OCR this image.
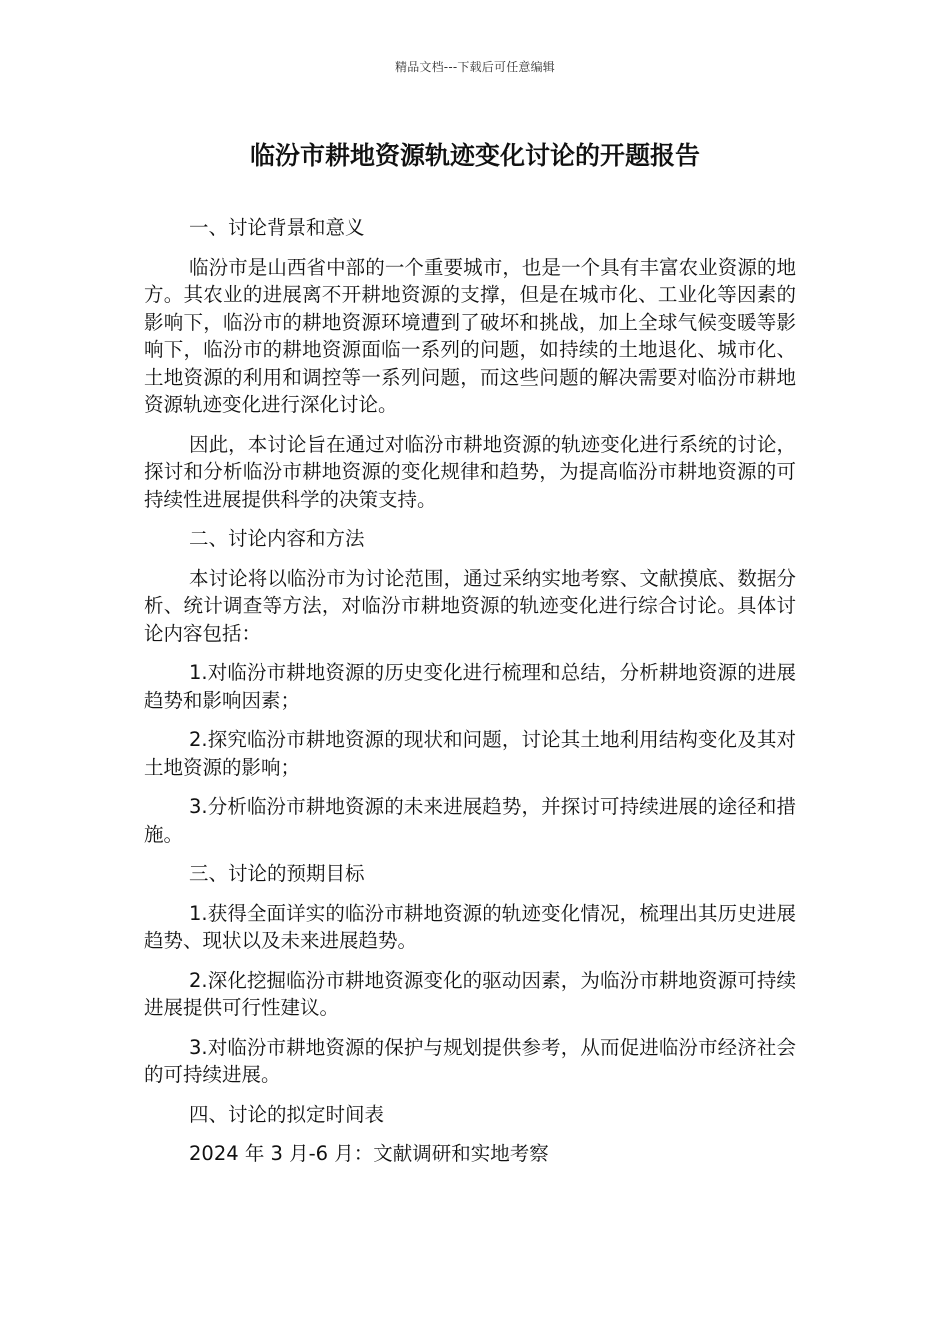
精品文档---下载后可任意编辑
临汾市耕地资源轨迹变化讨论的开题报告

一、讨论背景和意义

临汾市是山西省中部的一个重要城市，也是一个具有丰富农业资源的地方。其农业的进展离不开耕地资源的支撑，但是在城市化、工业化等因素的影响下，临汾市的耕地资源环境遭到了破坏和挑战，加上全球气候变暖等影响下，临汾市的耕地资源面临一系列的问题，如持续的土地退化、城市化、土地资源的利用和调控等一系列问题，而这些问题的解决需要对临汾市耕地资源轨迹变化进行深化讨论。

因此，本讨论旨在通过对临汾市耕地资源的轨迹变化进行系统的讨论，探讨和分析临汾市耕地资源的变化规律和趋势，为提高临汾市耕地资源的可持续性进展提供科学的决策支持。

二、讨论内容和方法

本讨论将以临汾市为讨论范围，通过采纳实地考察、文献摸底、数据分析、统计调查等方法，对临汾市耕地资源的轨迹变化进行综合讨论。具体讨论内容包括：

1.对临汾市耕地资源的历史变化进行梳理和总结，分析耕地资源的进展趋势和影响因素；

2.探究临汾市耕地资源的现状和问题，讨论其土地利用结构变化及其对土地资源的影响；

3.分析临汾市耕地资源的未来进展趋势，并探讨可持续进展的途径和措施。

三、讨论的预期目标

1.获得全面详实的临汾市耕地资源的轨迹变化情况，梳理出其历史进展趋势、现状以及未来进展趋势。

2.深化挖掘临汾市耕地资源变化的驱动因素，为临汾市耕地资源可持续进展提供可行性建议。

3.对临汾市耕地资源的保护与规划提供参考，从而促进临汾市经济社会的可持续进展。

四、讨论的拟定时间表

2024 年 3 月-6 月：文献调研和实地考察
